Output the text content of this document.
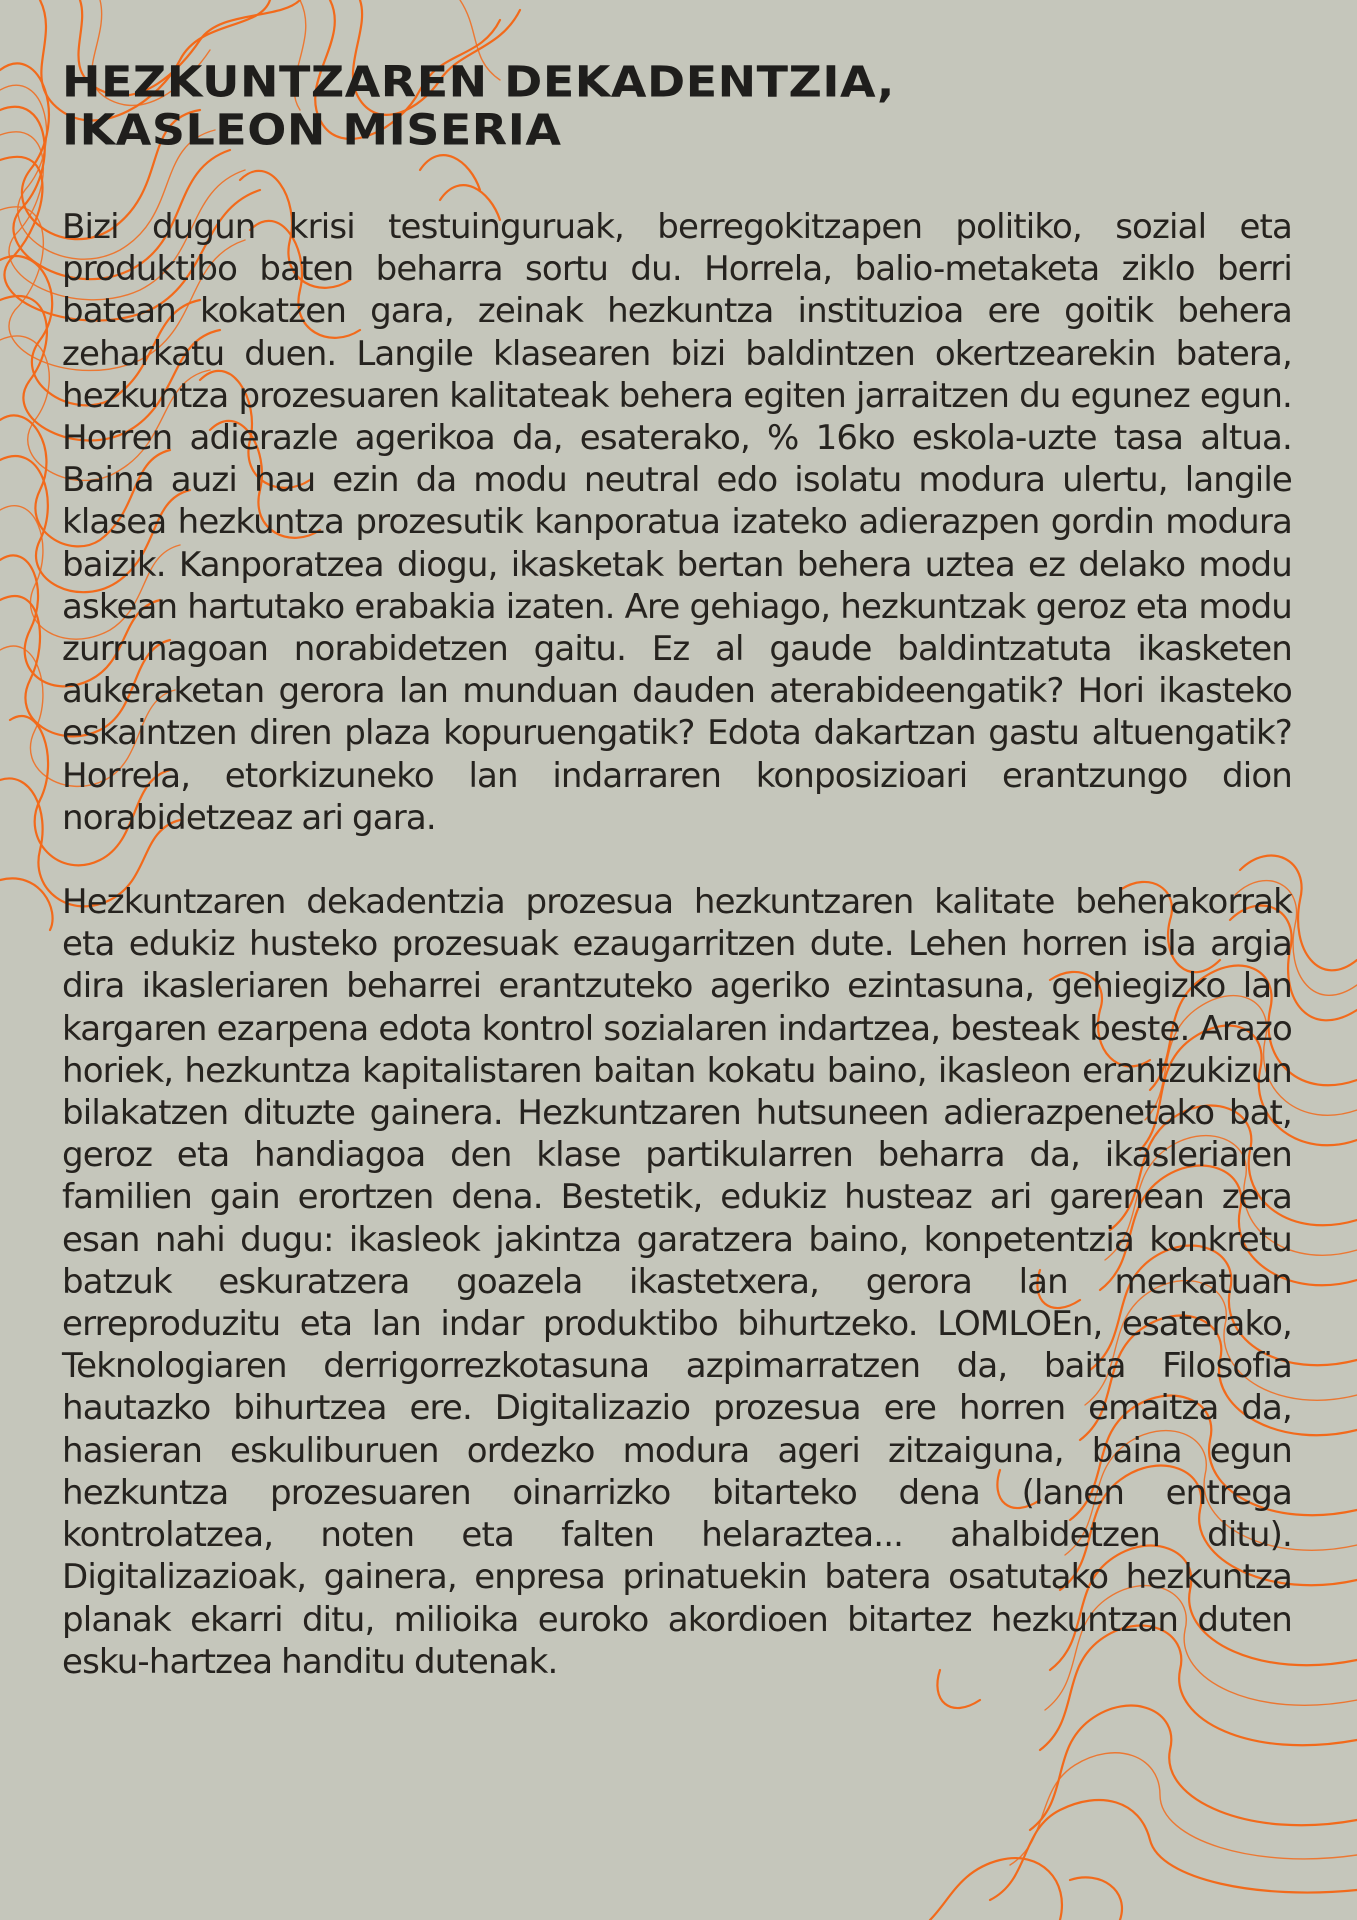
HEZKUNTZAREN DEKADENTZIA,
IKASLEON MISERIA

Bizi dugun krisi testuinguruak, berregokitzapen politiko, sozial eta produktibo baten beharra sortu du. Horrela, balio-metaketa ziklo berri batean kokatzen gara, zeinak hezkuntza instituzioa ere goitik behera zeharkatu duen. Langile klasearen bizi baldintzen okertzearekin batera, hezkuntza prozesuaren kalitateak behera egiten jarraitzen du egunez egun. Horren adierazle agerikoa da, esaterako, % 16ko eskola-uzte tasa altua. Baina auzi hau ezin da modu neutral edo isolatu modura ulertu, langile klasea hezkuntza prozesutik kanporatua izateko adierazpen gordin modura baizik. Kanporatzea diogu, ikasketak bertan behera uztea ez delako modu askean hartutako erabakia izaten. Are gehiago, hezkuntzak geroz eta modu zurrunagoan norabidetzen gaitu. Ez al gaude baldintzatuta ikasketen aukeraketan gerora lan munduan dauden aterabideengatik? Hori ikasteko eskaintzen diren plaza kopuruengatik? Edota dakartzan gastu altuengatik? Horrela, etorkizuneko lan indarraren konposizioari erantzungo dion norabidetzeaz ari gara.

Hezkuntzaren dekadentzia prozesua hezkuntzaren kalitate beherakorrak eta edukiz husteko prozesuak ezaugarritzen dute. Lehen horren isla argia dira ikasleriaren beharrei erantzuteko ageriko ezintasuna, gehiegizko lan kargaren ezarpena edota kontrol sozialaren indartzea, besteak beste. Arazo horiek, hezkuntza kapitalistaren baitan kokatu baino, ikasleon erantzukizun bilakatzen dituzte gainera. Hezkuntzaren hutsuneen adierazpenetako bat, geroz eta handiagoa den klase partikularren beharra da, ikasleriaren familien gain erortzen dena. Bestetik, edukiz husteaz ari garenean zera esan nahi dugu: ikasleok jakintza garatzera baino, konpetentzia konkretu batzuk eskuratzera goazela ikastetxera, gerora lan merkatuan erreproduzitu eta lan indar produktibo bihurtzeko. LOMLOEn, esaterako, Teknologiaren derrigorrezkotasuna azpimarratzen da, baita Filosofia hautazko bihurtzea ere. Digitalizazio prozesua ere horren emaitza da, hasieran eskuliburuen ordezko modura ageri zitzaiguna, baina egun hezkuntza prozesuaren oinarrizko bitarteko dena (lanen entrega kontrolatzea, noten eta falten helaraztea... ahalbidetzen ditu). Digitalizazioak, gainera, enpresa prinatuekin batera osatutako hezkuntza planak ekarri ditu, milioika euroko akordioen bitartez hezkuntzan duten esku-hartzea handitu dutenak.
